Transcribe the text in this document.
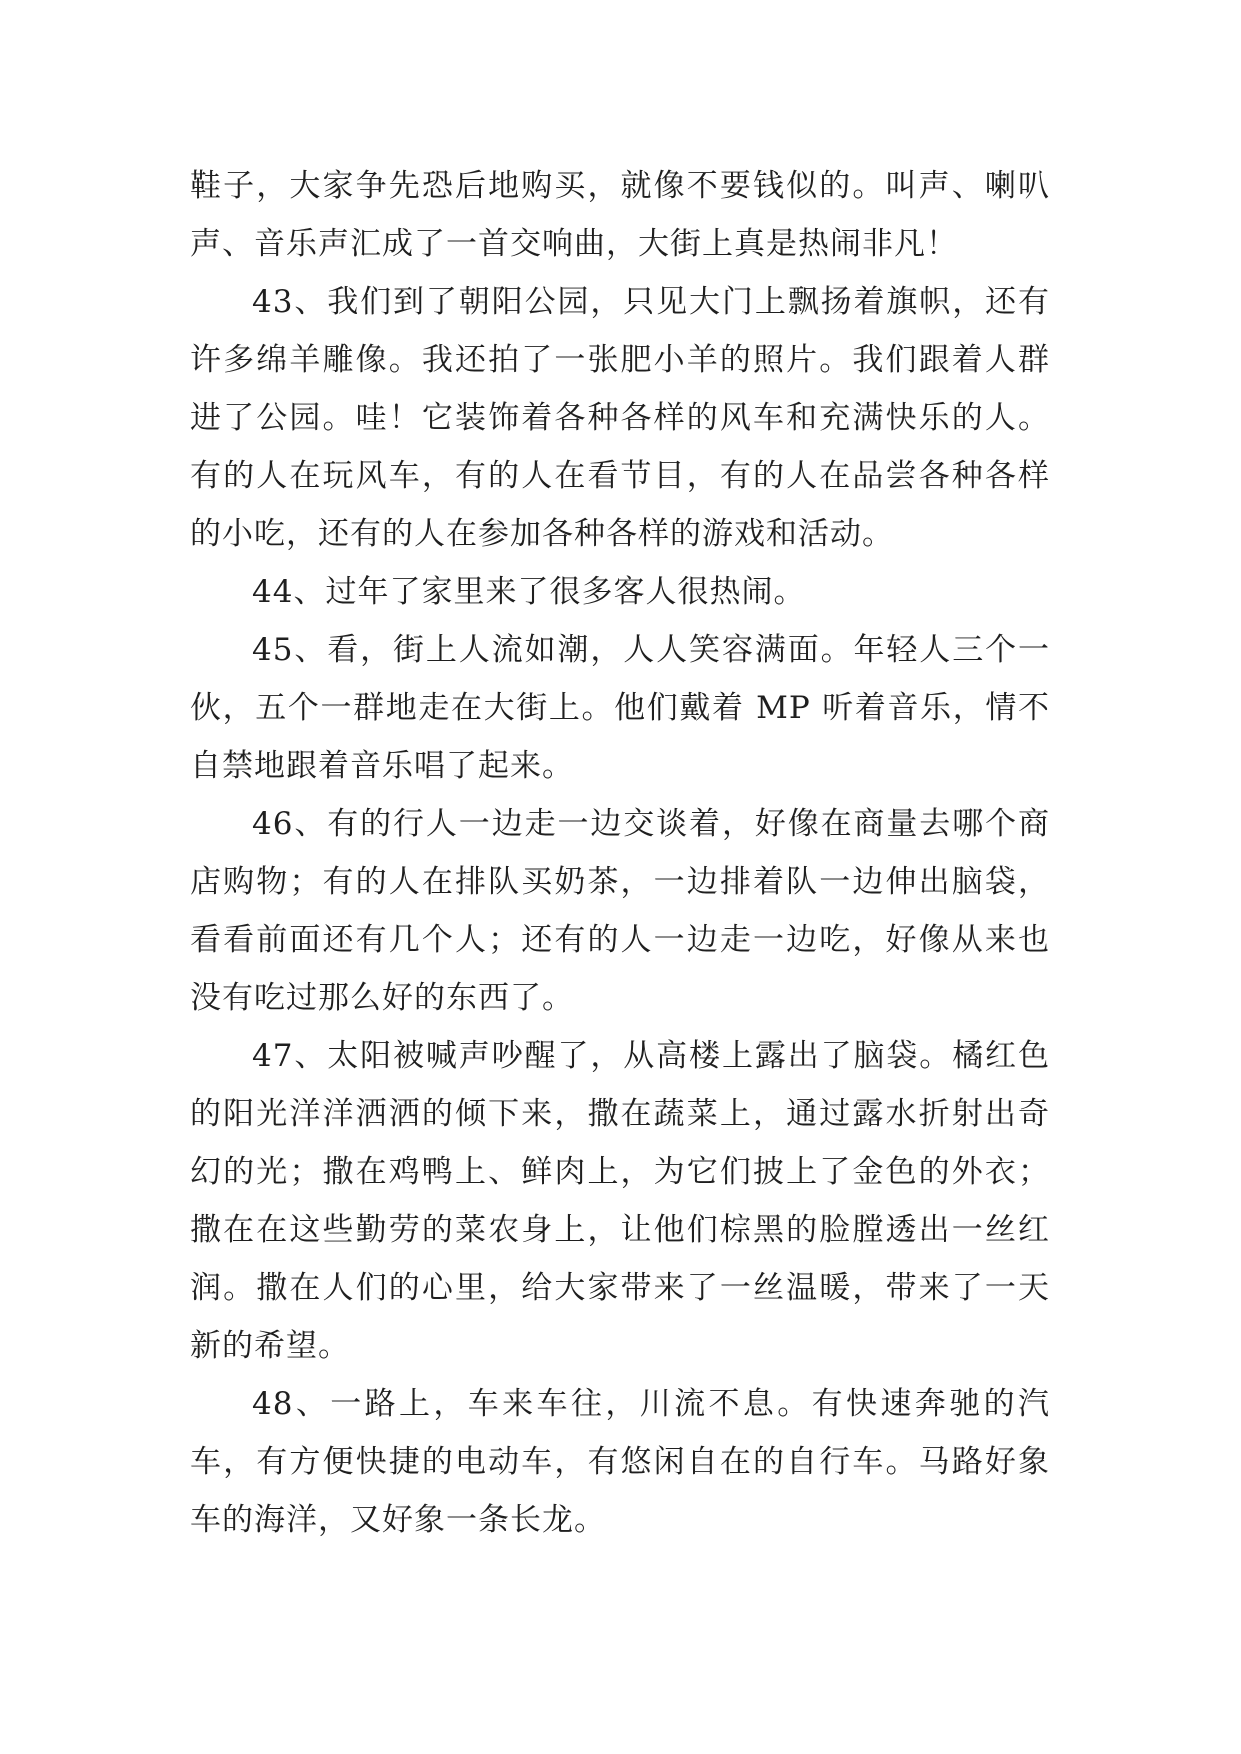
鞋子，大家争先恐后地购买，就像不要钱似的。叫声、喇叭声、音乐声汇成了一首交响曲，大街上真是热闹非凡！

43、我们到了朝阳公园，只见大门上飘扬着旗帜，还有许多绵羊雕像。我还拍了一张肥小羊的照片。我们跟着人群进了公园。哇！它装饰着各种各样的风车和充满快乐的人。有的人在玩风车，有的人在看节目，有的人在品尝各种各样的小吃，还有的人在参加各种各样的游戏和活动。

44、过年了家里来了很多客人很热闹。

45、看，街上人流如潮，人人笑容满面。年轻人三个一伙，五个一群地走在大街上。他们戴着 MP 听着音乐，情不自禁地跟着音乐唱了起来。

46、有的行人一边走一边交谈着，好像在商量去哪个商店购物；有的人在排队买奶茶，一边排着队一边伸出脑袋，看看前面还有几个人；还有的人一边走一边吃，好像从来也没有吃过那么好的东西了。

47、太阳被喊声吵醒了，从高楼上露出了脑袋。橘红色的阳光洋洋洒洒的倾下来，撒在蔬菜上，通过露水折射出奇幻的光；撒在鸡鸭上、鲜肉上，为它们披上了金色的外衣；撒在在这些勤劳的菜农身上，让他们棕黑的脸膛透出一丝红润。撒在人们的心里，给大家带来了一丝温暖，带来了一天新的希望。

48、一路上，车来车往，川流不息。有快速奔驰的汽车，有方便快捷的电动车，有悠闲自在的自行车。马路好象车的海洋，又好象一条长龙。
